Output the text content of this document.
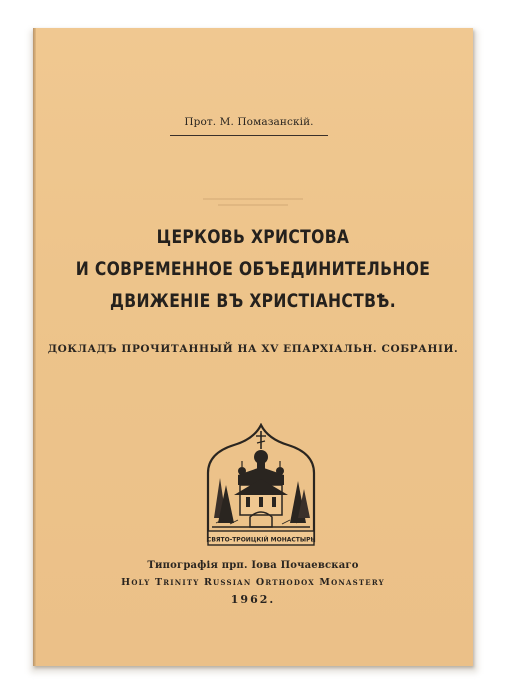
Прот. М. Помазанскій.
ЦЕРКОВЬ ХРИСТОВА
И СОВРЕМЕННОЕ ОБЪЕДИНИТЕЛЬНОЕ
ДВИЖЕНІЕ ВЪ ХРИСТІАНСТВѢ.
ДОКЛАДЪ ПРОЧИТАННЫЙ НА XV ЕПАРХІАЛЬН. СОБРАНІИ.
СВЯТО-ТРОИЦКІЙ МОНАСТЫРЬ
Типографія прп. Іова Почаевскаго
Holy Trinity Russian Orthodox Monastery
1962.
